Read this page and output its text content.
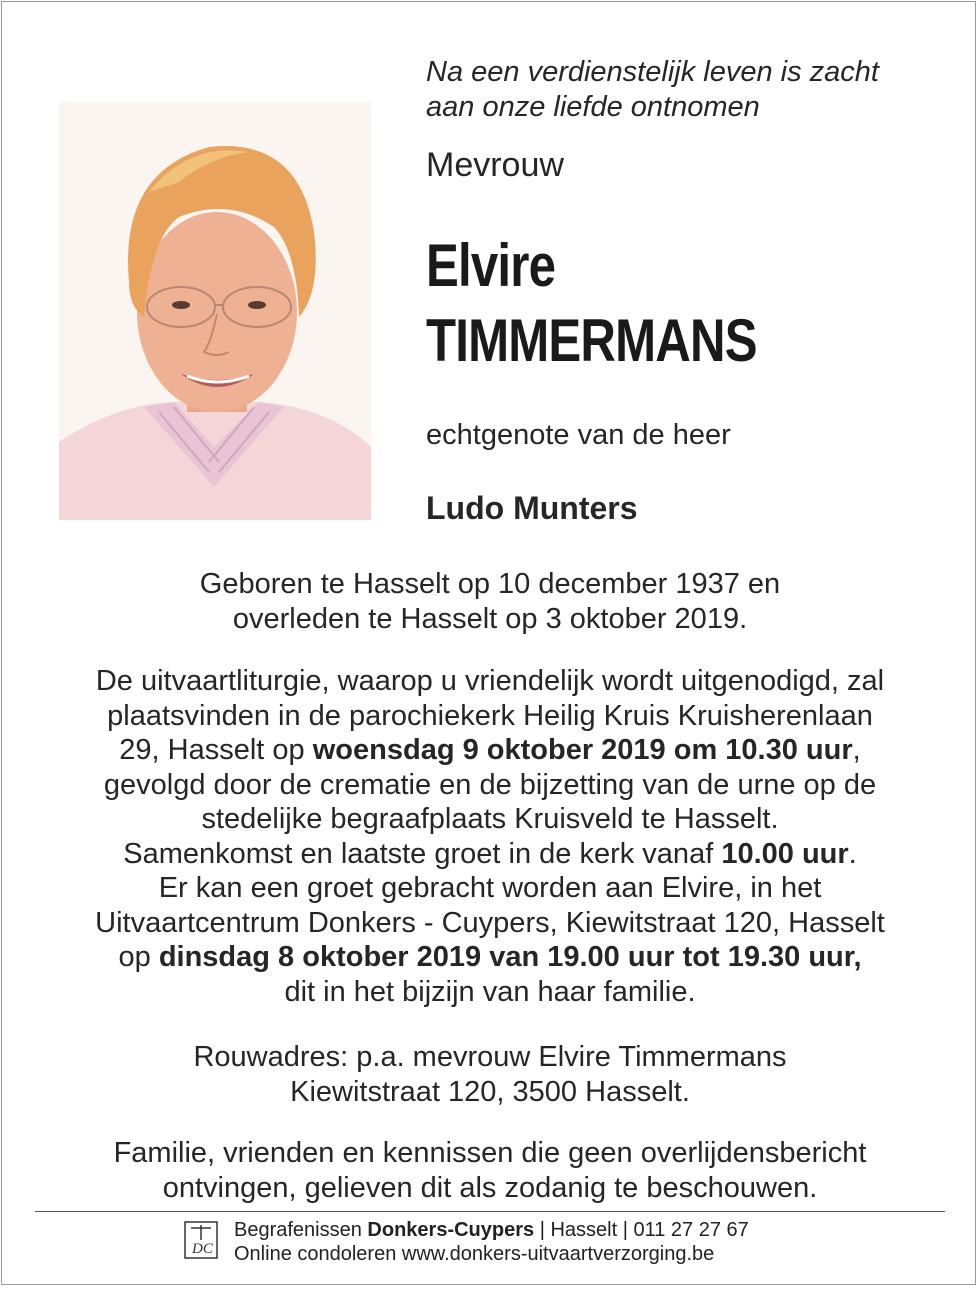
Na een verdienstelijk leven is zacht
aan onze liefde ontnomen
Mevrouw
Elvire
TIMMERMANS
echtgenote van de heer
Ludo Munters
Geboren te Hasselt op 10 december 1937 en
overleden te Hasselt op 3 oktober 2019.
De uitvaartliturgie, waarop u vriendelijk wordt uitgenodigd, zal
plaatsvinden in de parochiekerk Heilig Kruis Kruisherenlaan
29, Hasselt op woensdag 9 oktober 2019 om 10.30 uur,
gevolgd door de crematie en de bijzetting van de urne op de
stedelijke begraafplaats Kruisveld te Hasselt.
Samenkomst en laatste groet in de kerk vanaf 10.00 uur.
Er kan een groet gebracht worden aan Elvire, in het
Uitvaartcentrum Donkers - Cuypers, Kiewitstraat 120, Hasselt
op dinsdag 8 oktober 2019 van 19.00 uur tot 19.30 uur,
dit in het bijzijn van haar familie.
Rouwadres: p.a. mevrouw Elvire Timmermans
Kiewitstraat 120, 3500 Hasselt.
Familie, vrienden en kennissen die geen overlijdensbericht
ontvingen, gelieven dit als zodanig te beschouwen.
DC
Begrafenissen Donkers-Cuypers | Hasselt | 011 27 27 67
Online condoleren www.donkers-uitvaartverzorging.be
